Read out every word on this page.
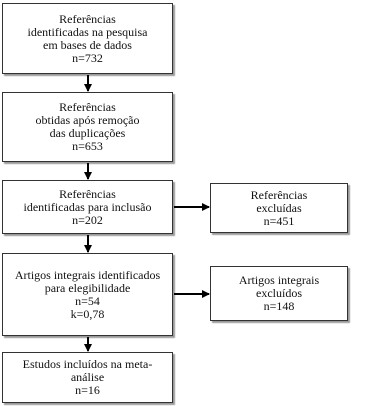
Referências
identificadas na pesquisa
em bases de dados
n=732
Referências
obtidas após remoção
das duplicações
n=653
Referências
identificadas para inclusão
n=202
Artigos integrais identificados
para elegibilidade
n=54
k=0,78
Estudos incluídos na meta-
análise
n=16
Referências
excluídas
n=451
Artigos integrais
excluídos
n=148
